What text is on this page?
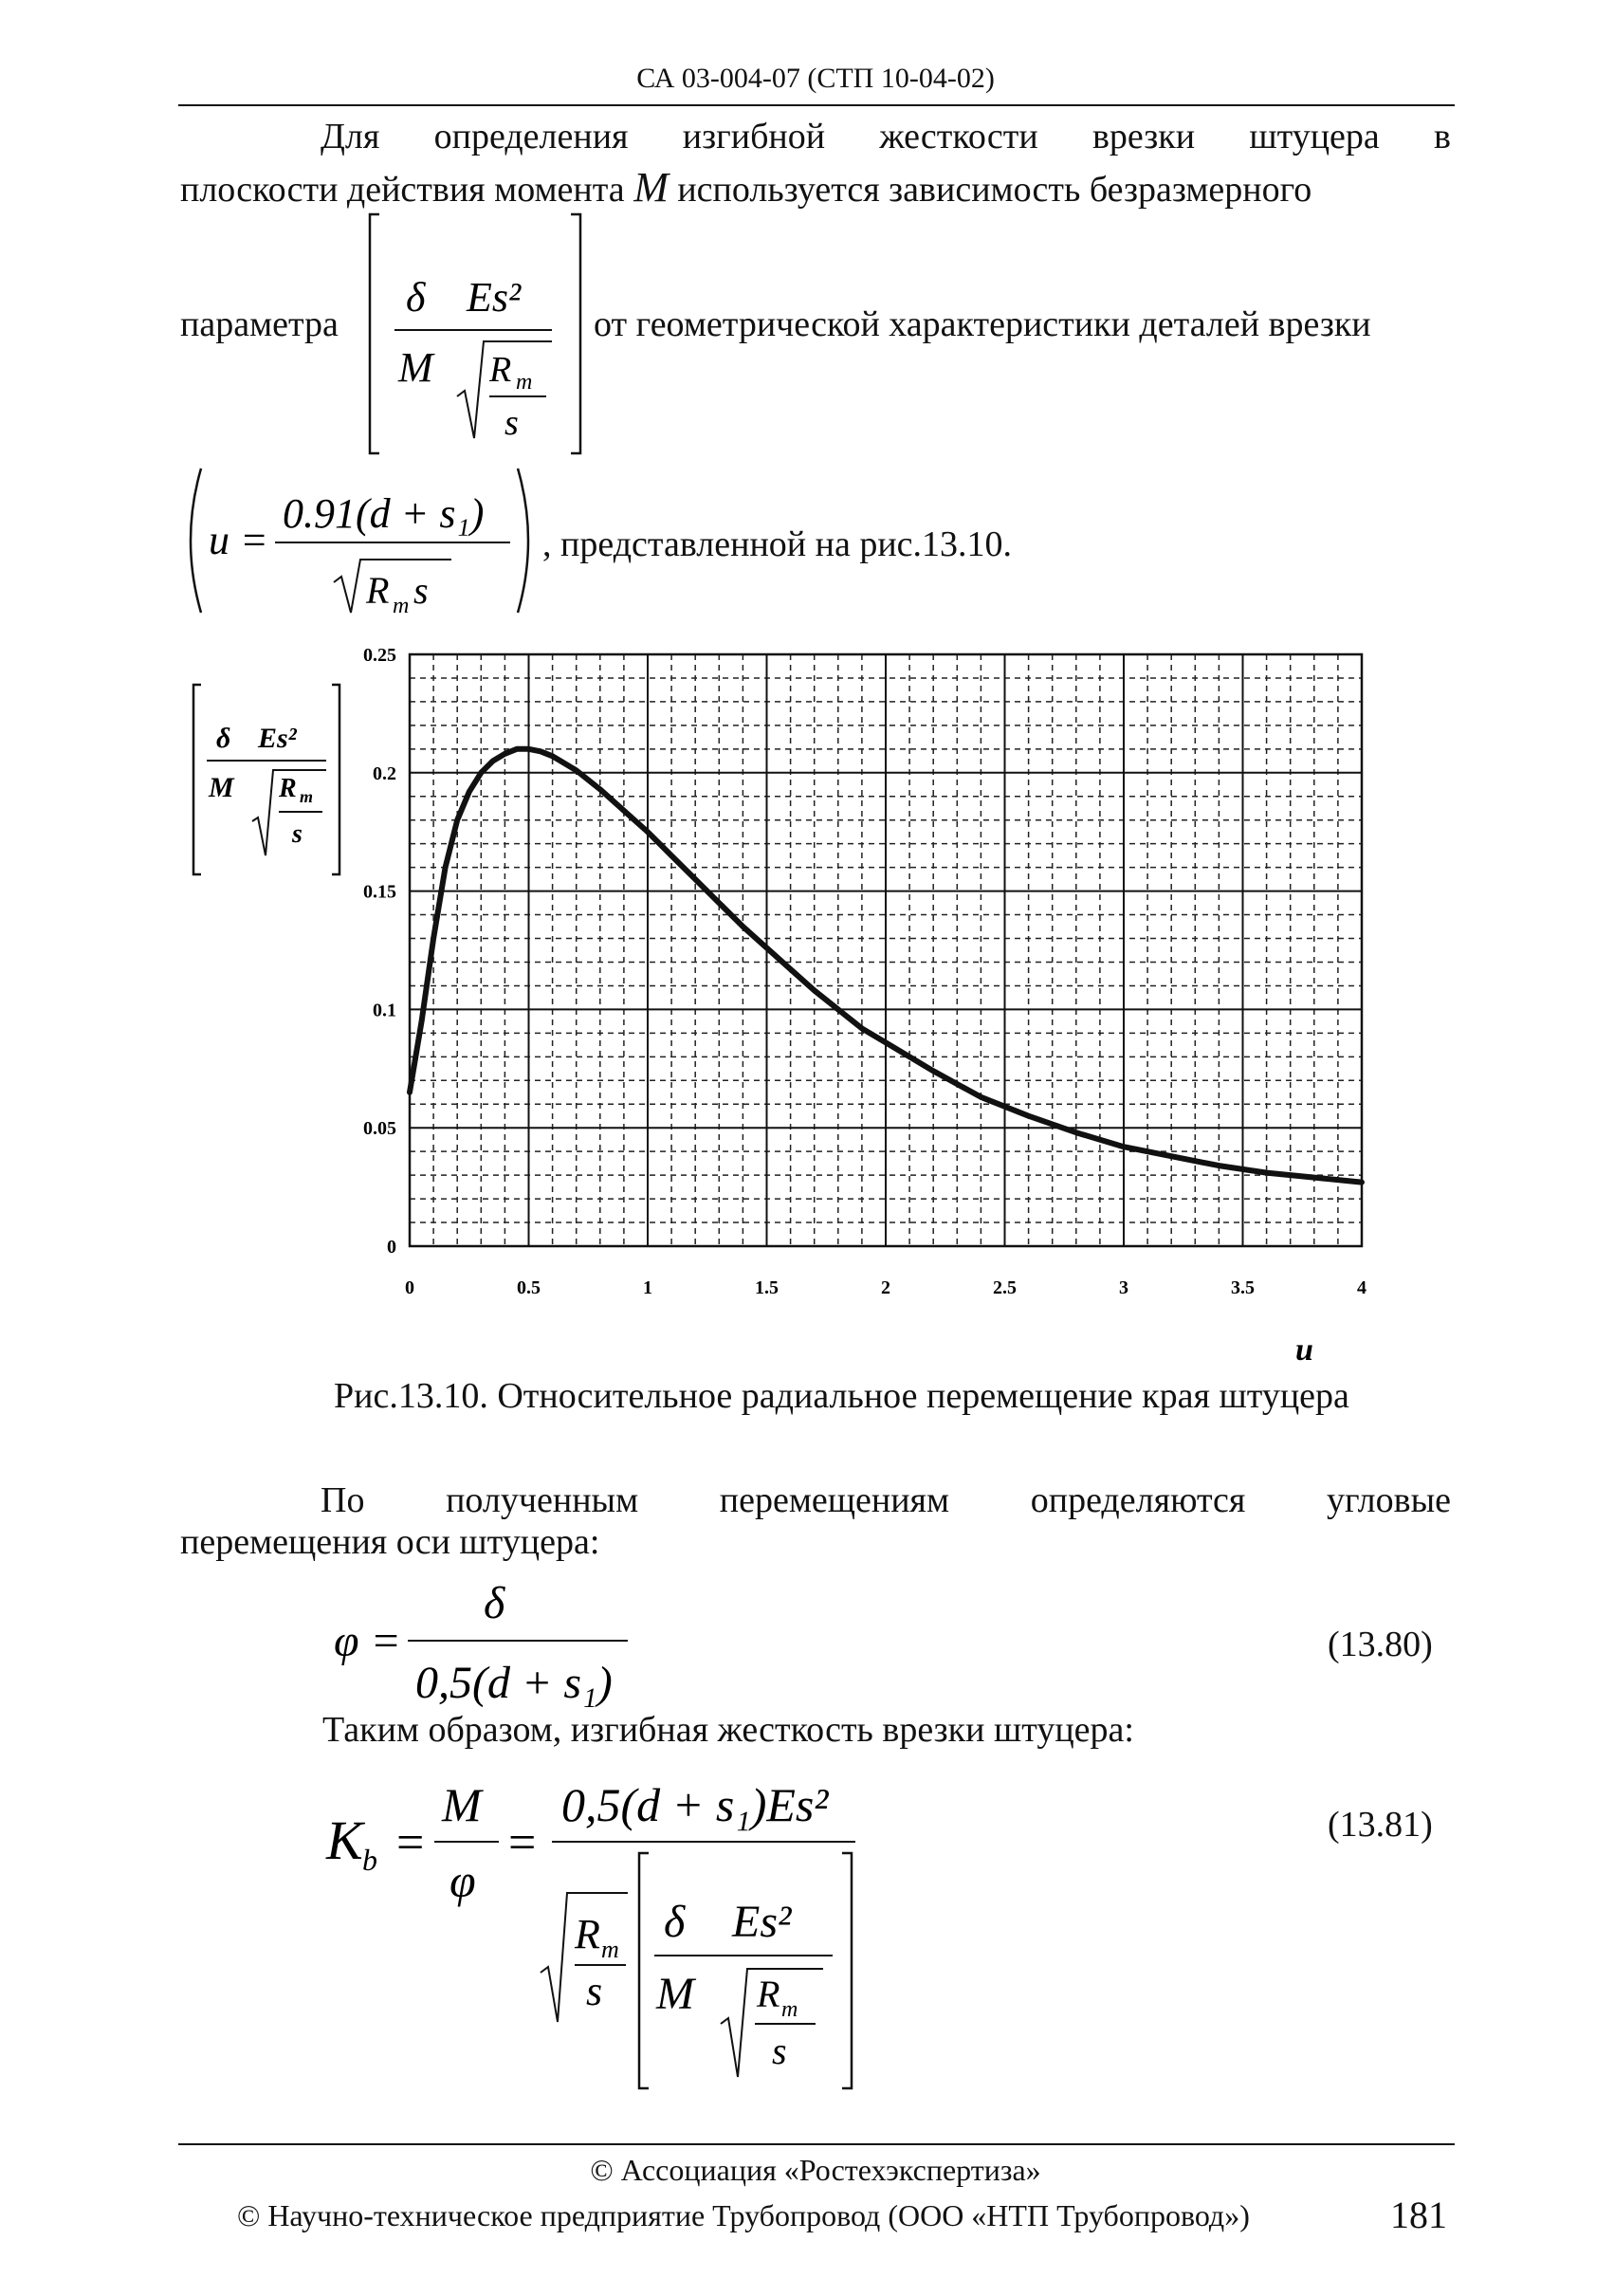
СА 03-004-07 (СТП 10-04-02)
Для определения изгибной жесткости врезки штуцера в
плоскости действия момента M используется зависимость безразмерного
параметра
δ Es²
M R m
s
от геометрической характеристики деталей врезки
u =
0.91(d + s₁)
R m s
, представленной на рис.13.10.
δ Es²
M R m
s
0	0.5	1	1.5	2	2.5	3	3.5	4
0
0.05
0.1
0.15
0.2
0.25
u
Рис.13.10. Относительное радиальное перемещение края штуцера
По полученным перемещениям определяются угловые
перемещения оси штуцера:
φ =
δ
0,5(d + s₁)
(13.80)
Таким образом, изгибная жесткость врезки штуцера:
K b =
M
φ
=
0,5(d + s₁)Es²
R m
s
δ Es²
M R m
s
(13.81)
© Ассоциация «Ростехэкспертиза»
© Научно-техническое предприятие Трубопровод (ООО «НТП Трубопровод»)	181
